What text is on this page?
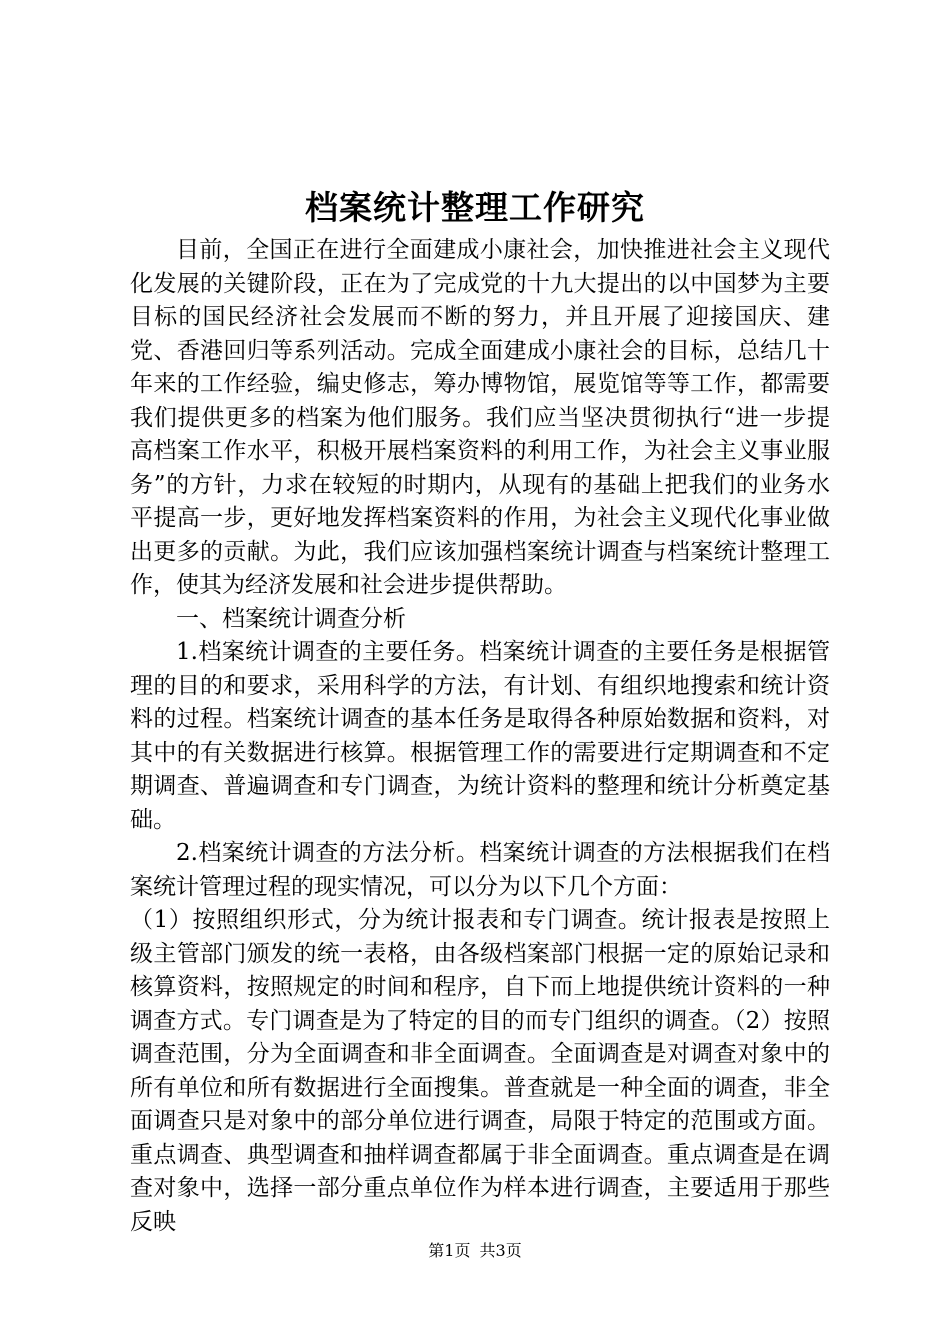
档案统计整理工作研究

目前，全国正在进行全面建成小康社会，加快推进社会主义现代化发展的关键阶段，正在为了完成党的十九大提出的以中国梦为主要目标的国民经济社会发展而不断的努力，并且开展了迎接国庆、建党、香港回归等系列活动。完成全面建成小康社会的目标，总结几十年来的工作经验，编史修志，筹办博物馆，展览馆等等工作，都需要我们提供更多的档案为他们服务。我们应当坚决贯彻执行“进一步提高档案工作水平，积极开展档案资料的利用工作，为社会主义事业服务”的方针，力求在较短的时期内，从现有的基础上把我们的业务水平提高一步，更好地发挥档案资料的作用，为社会主义现代化事业做出更多的贡献。为此，我们应该加强档案统计调查与档案统计整理工作，使其为经济发展和社会进步提供帮助。

一、档案统计调查分析

1.档案统计调查的主要任务。档案统计调查的主要任务是根据管理的目的和要求，采用科学的方法，有计划、有组织地搜索和统计资料的过程。档案统计调查的基本任务是取得各种原始数据和资料，对其中的有关数据进行核算。根据管理工作的需要进行定期调查和不定期调查、普遍调查和专门调查，为统计资料的整理和统计分析奠定基础。

2.档案统计调查的方法分析。档案统计调查的方法根据我们在档案统计管理过程的现实情况，可以分为以下几个方面：

（1）按照组织形式，分为统计报表和专门调查。统计报表是按照上级主管部门颁发的统一表格，由各级档案部门根据一定的原始记录和核算资料，按照规定的时间和程序，自下而上地提供统计资料的一种调查方式。专门调查是为了特定的目的而专门组织的调查。（2）按照调查范围，分为全面调查和非全面调查。全面调查是对调查对象中的所有单位和所有数据进行全面搜集。普查就是一种全面的调查，非全面调查只是对象中的部分单位进行调查，局限于特定的范围或方面。重点调查、典型调查和抽样调查都属于非全面调查。重点调查是在调查对象中，选择一部分重点单位作为样本进行调查，主要适用于那些反映

第1页 共3页
